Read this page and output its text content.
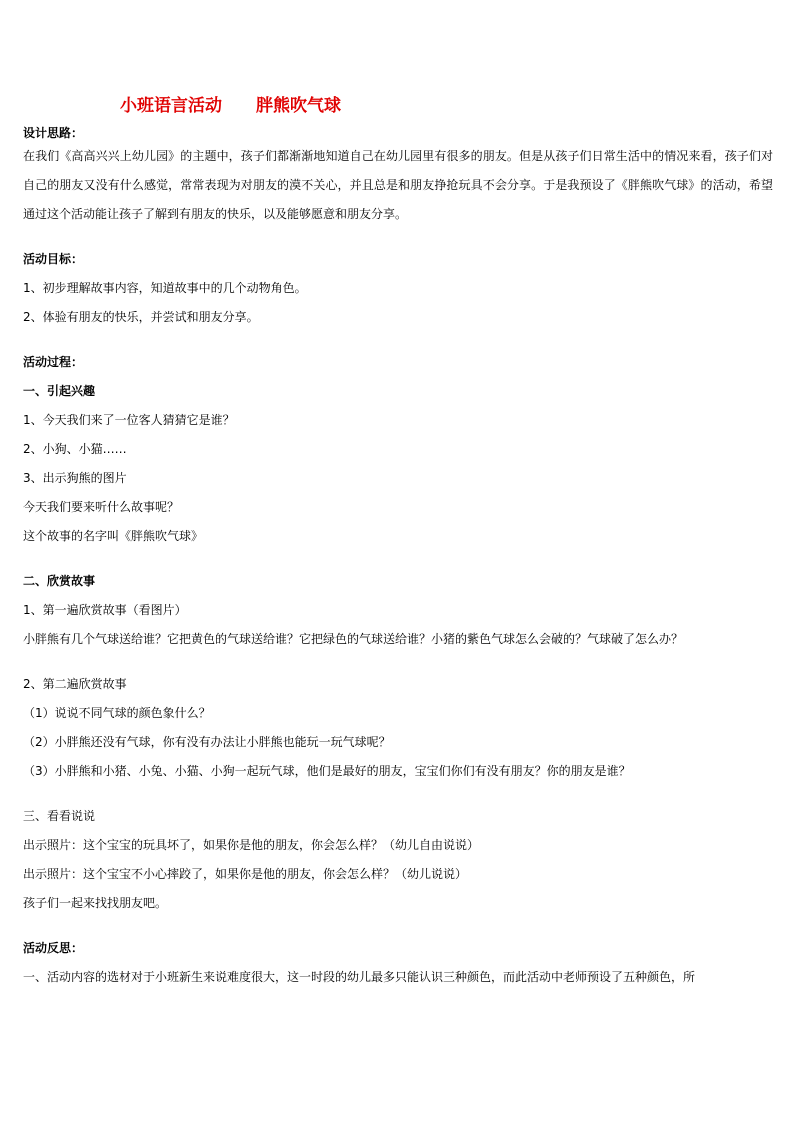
小班语言活动　　胖熊吹气球
设计思路：
在我们《高高兴兴上幼儿园》的主题中，孩子们都渐渐地知道自己在幼儿园里有很多的朋友。但是从孩子们日常生活中的情况来看，孩子们对自己的朋友又没有什么感觉，常常表现为对朋友的漠不关心，并且总是和朋友挣抢玩具不会分享。于是我预设了《胖熊吹气球》的活动，希望通过这个活动能让孩子了解到有朋友的快乐，以及能够愿意和朋友分享。
活动目标：
1、初步理解故事内容，知道故事中的几个动物角色。
2、体验有朋友的快乐，并尝试和朋友分享。
活动过程：
一、引起兴趣
1、今天我们来了一位客人猜猜它是谁？
2、小狗、小猫……
3、出示狗熊的图片
今天我们要来听什么故事呢？
这个故事的名字叫《胖熊吹气球》
二、欣赏故事
1、第一遍欣赏故事（看图片）
小胖熊有几个气球送给谁？它把黄色的气球送给谁？它把绿色的气球送给谁？小猪的紫色气球怎么会破的？气球破了怎么办？
2、第二遍欣赏故事
（1）说说不同气球的颜色象什么？
（2）小胖熊还没有气球，你有没有办法让小胖熊也能玩一玩气球呢？
（3）小胖熊和小猪、小兔、小猫、小狗一起玩气球，他们是最好的朋友，宝宝们你们有没有朋友？你的朋友是谁？
三、看看说说
出示照片：这个宝宝的玩具坏了，如果你是他的朋友，你会怎么样？（幼儿自由说说）
出示照片：这个宝宝不小心摔跤了，如果你是他的朋友，你会怎么样？（幼儿说说）
孩子们一起来找找朋友吧。
活动反思：
一、活动内容的选材对于小班新生来说难度很大，这一时段的幼儿最多只能认识三种颜色，而此活动中老师预设了五种颜色，所
